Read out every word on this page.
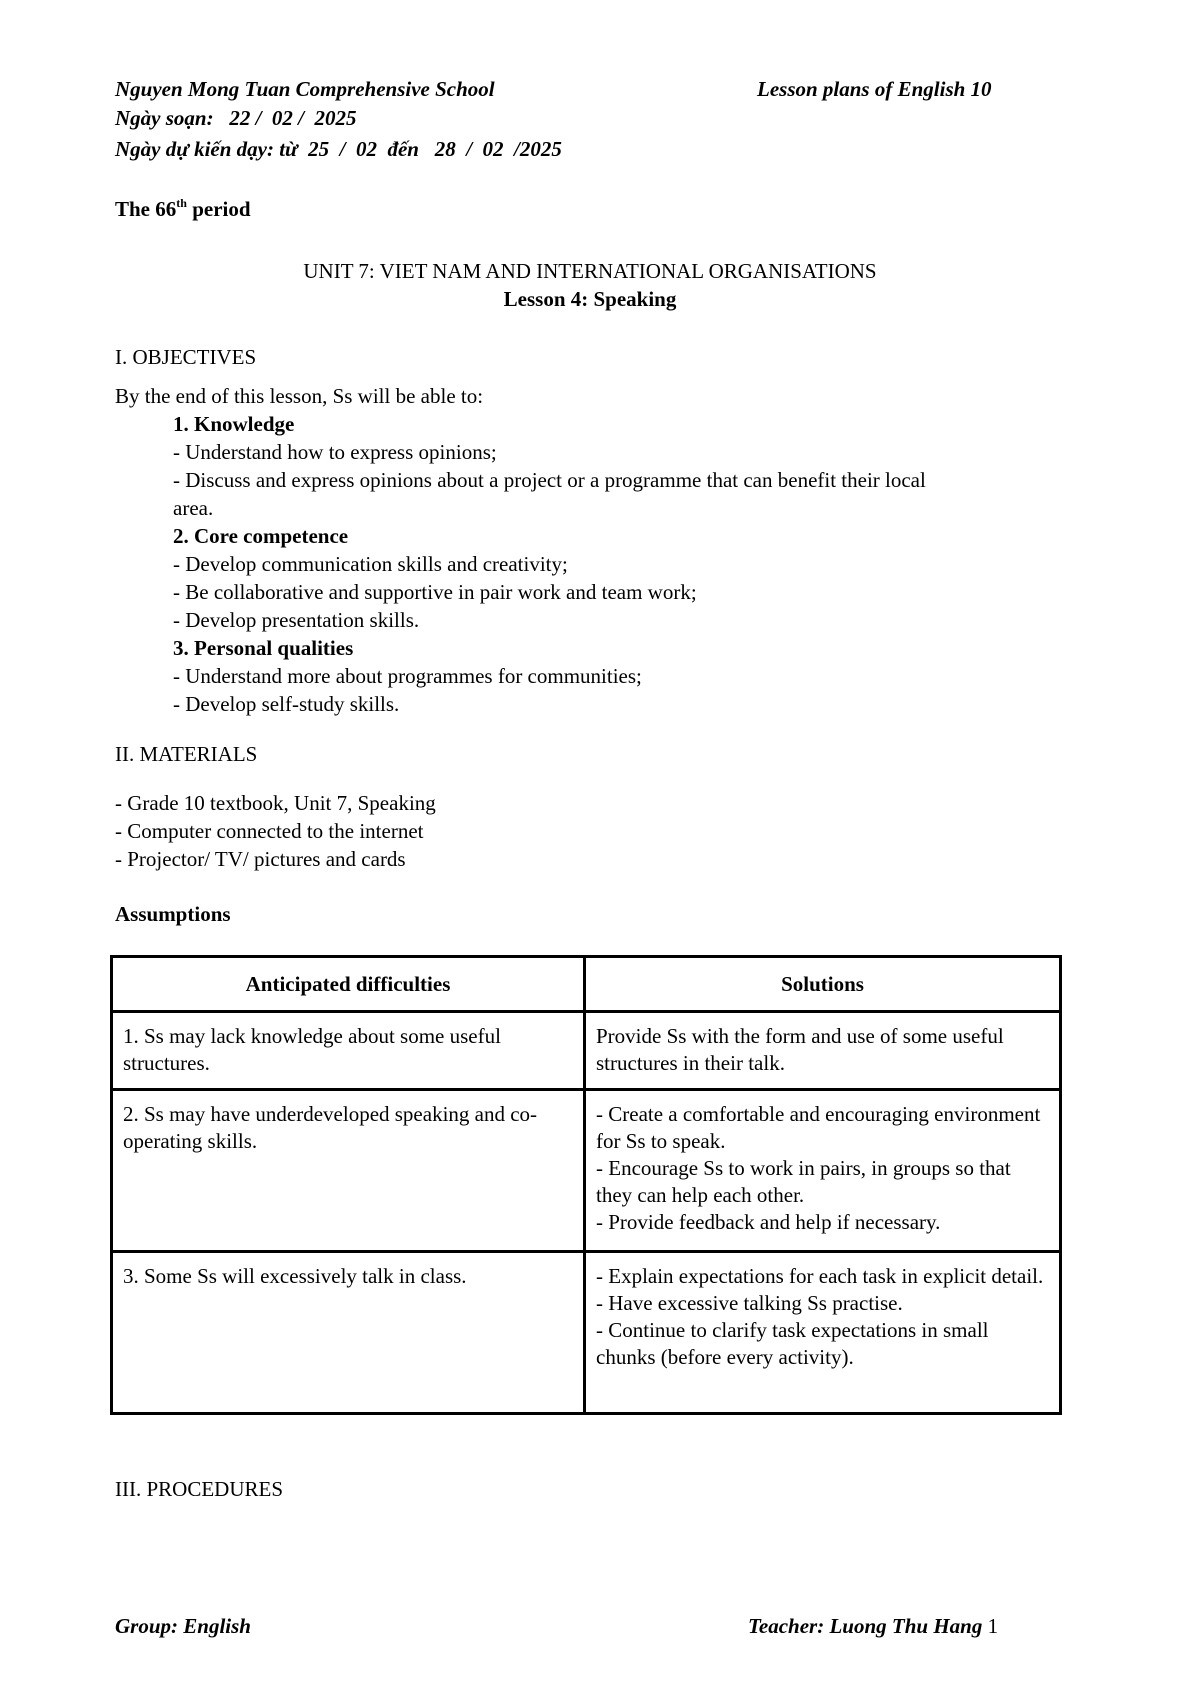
Nguyen Mong Tuan Comprehensive School	Lesson plans of English 10
Ngày soạn:   22 /  02 /  2025
Ngày dự kiến dạy: từ  25  /  02  đến   28  /  02  /2025
The 66th period
UNIT 7: VIET NAM AND INTERNATIONAL ORGANISATIONS
Lesson 4: Speaking
I. OBJECTIVES
By the end of this lesson, Ss will be able to:
1. Knowledge
- Understand how to express opinions;
- Discuss and express opinions about a project or a programme that can benefit their local
area.
2. Core competence
- Develop communication skills and creativity;
- Be collaborative and supportive in pair work and team work;
- Develop presentation skills.
3. Personal qualities
- Understand more about programmes for communities;
- Develop self-study skills.
II. MATERIALS
- Grade 10 textbook, Unit 7, Speaking
- Computer connected to the internet
- Projector/ TV/ pictures and cards
Assumptions
Anticipated difficulties	Solutions
1. Ss may lack knowledge about some useful structures.	Provide Ss with the form and use of some useful structures in their talk.

2. Ss may have underdeveloped speaking and co-operating skills.	- Create a comfortable and encouraging environment for Ss to speak.
- Encourage Ss to work in pairs, in groups so that they can help each other.
- Provide feedback and help if necessary.

3. Some Ss will excessively talk in class.	- Explain expectations for each task in explicit detail.
- Have excessive talking Ss practise.
- Continue to clarify task expectations in small chunks (before every activity).
III. PROCEDURES
Group: English	Teacher: Luong Thu Hang 1
